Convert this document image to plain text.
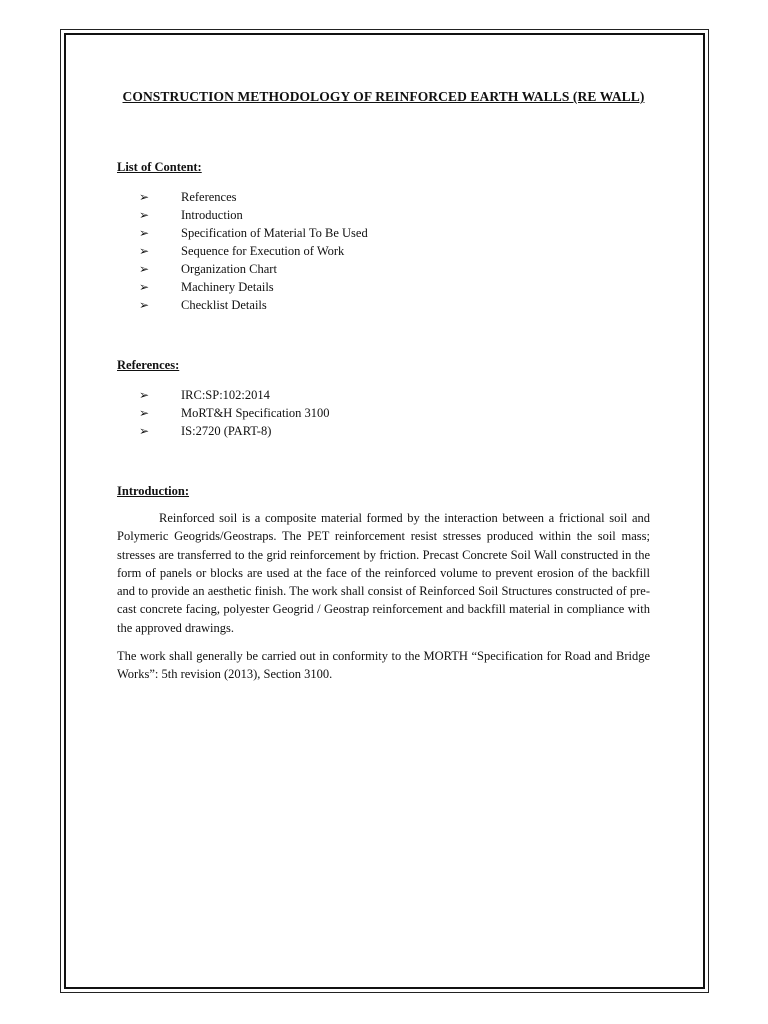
CONSTRUCTION METHODOLOGY OF REINFORCED EARTH WALLS (RE WALL)
List of Content:
➢	References
➢	Introduction
➢	Specification of Material To Be Used
➢	Sequence for Execution of Work
➢	Organization Chart
➢	Machinery Details
➢	Checklist Details
References:
➢	IRC:SP:102:2014
➢	MoRT&H Specification 3100
➢	IS:2720 (PART-8)
Introduction:

Reinforced soil is a composite material formed by the interaction between a frictional soil and Polymeric Geogrids/Geostraps. The PET reinforcement resist stresses produced within the soil mass; stresses are transferred to the grid reinforcement by friction. Precast Concrete Soil Wall constructed in the form of panels or blocks are used at the face of the reinforced volume to prevent erosion of the backfill and to provide an aesthetic finish. The work shall consist of Reinforced Soil Structures constructed of pre-cast concrete facing, polyester Geogrid / Geostrap reinforcement and backfill material in compliance with the approved drawings.

The work shall generally be carried out in conformity to the MORTH “Specification for Road and Bridge Works”: 5th revision (2013), Section 3100.
